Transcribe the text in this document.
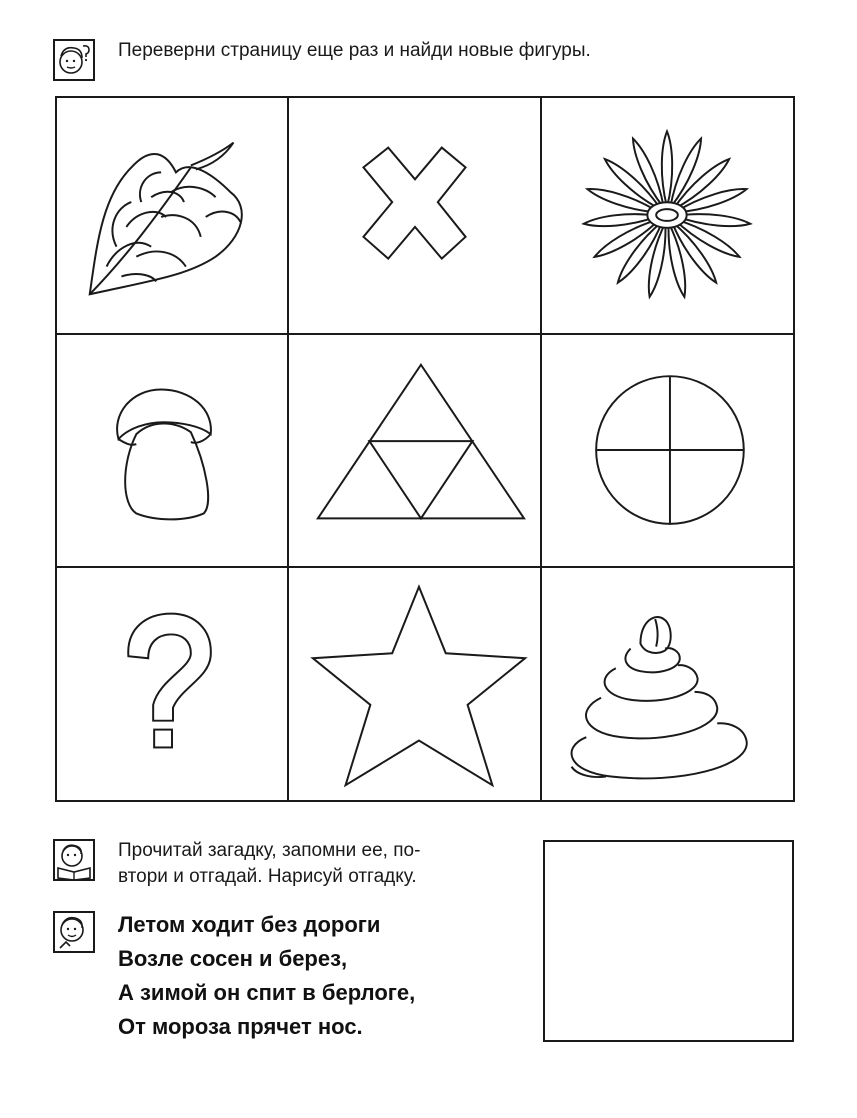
Переверни страницу еще раз и найди новые фигуры.
Прочитай загадку, запомни ее, по-
втори и отгадай. Нарисуй отгадку.
Летом ходит без дороги
Возле сосен и берез,
А зимой он спит в берлоге,
От мороза прячет нос.
